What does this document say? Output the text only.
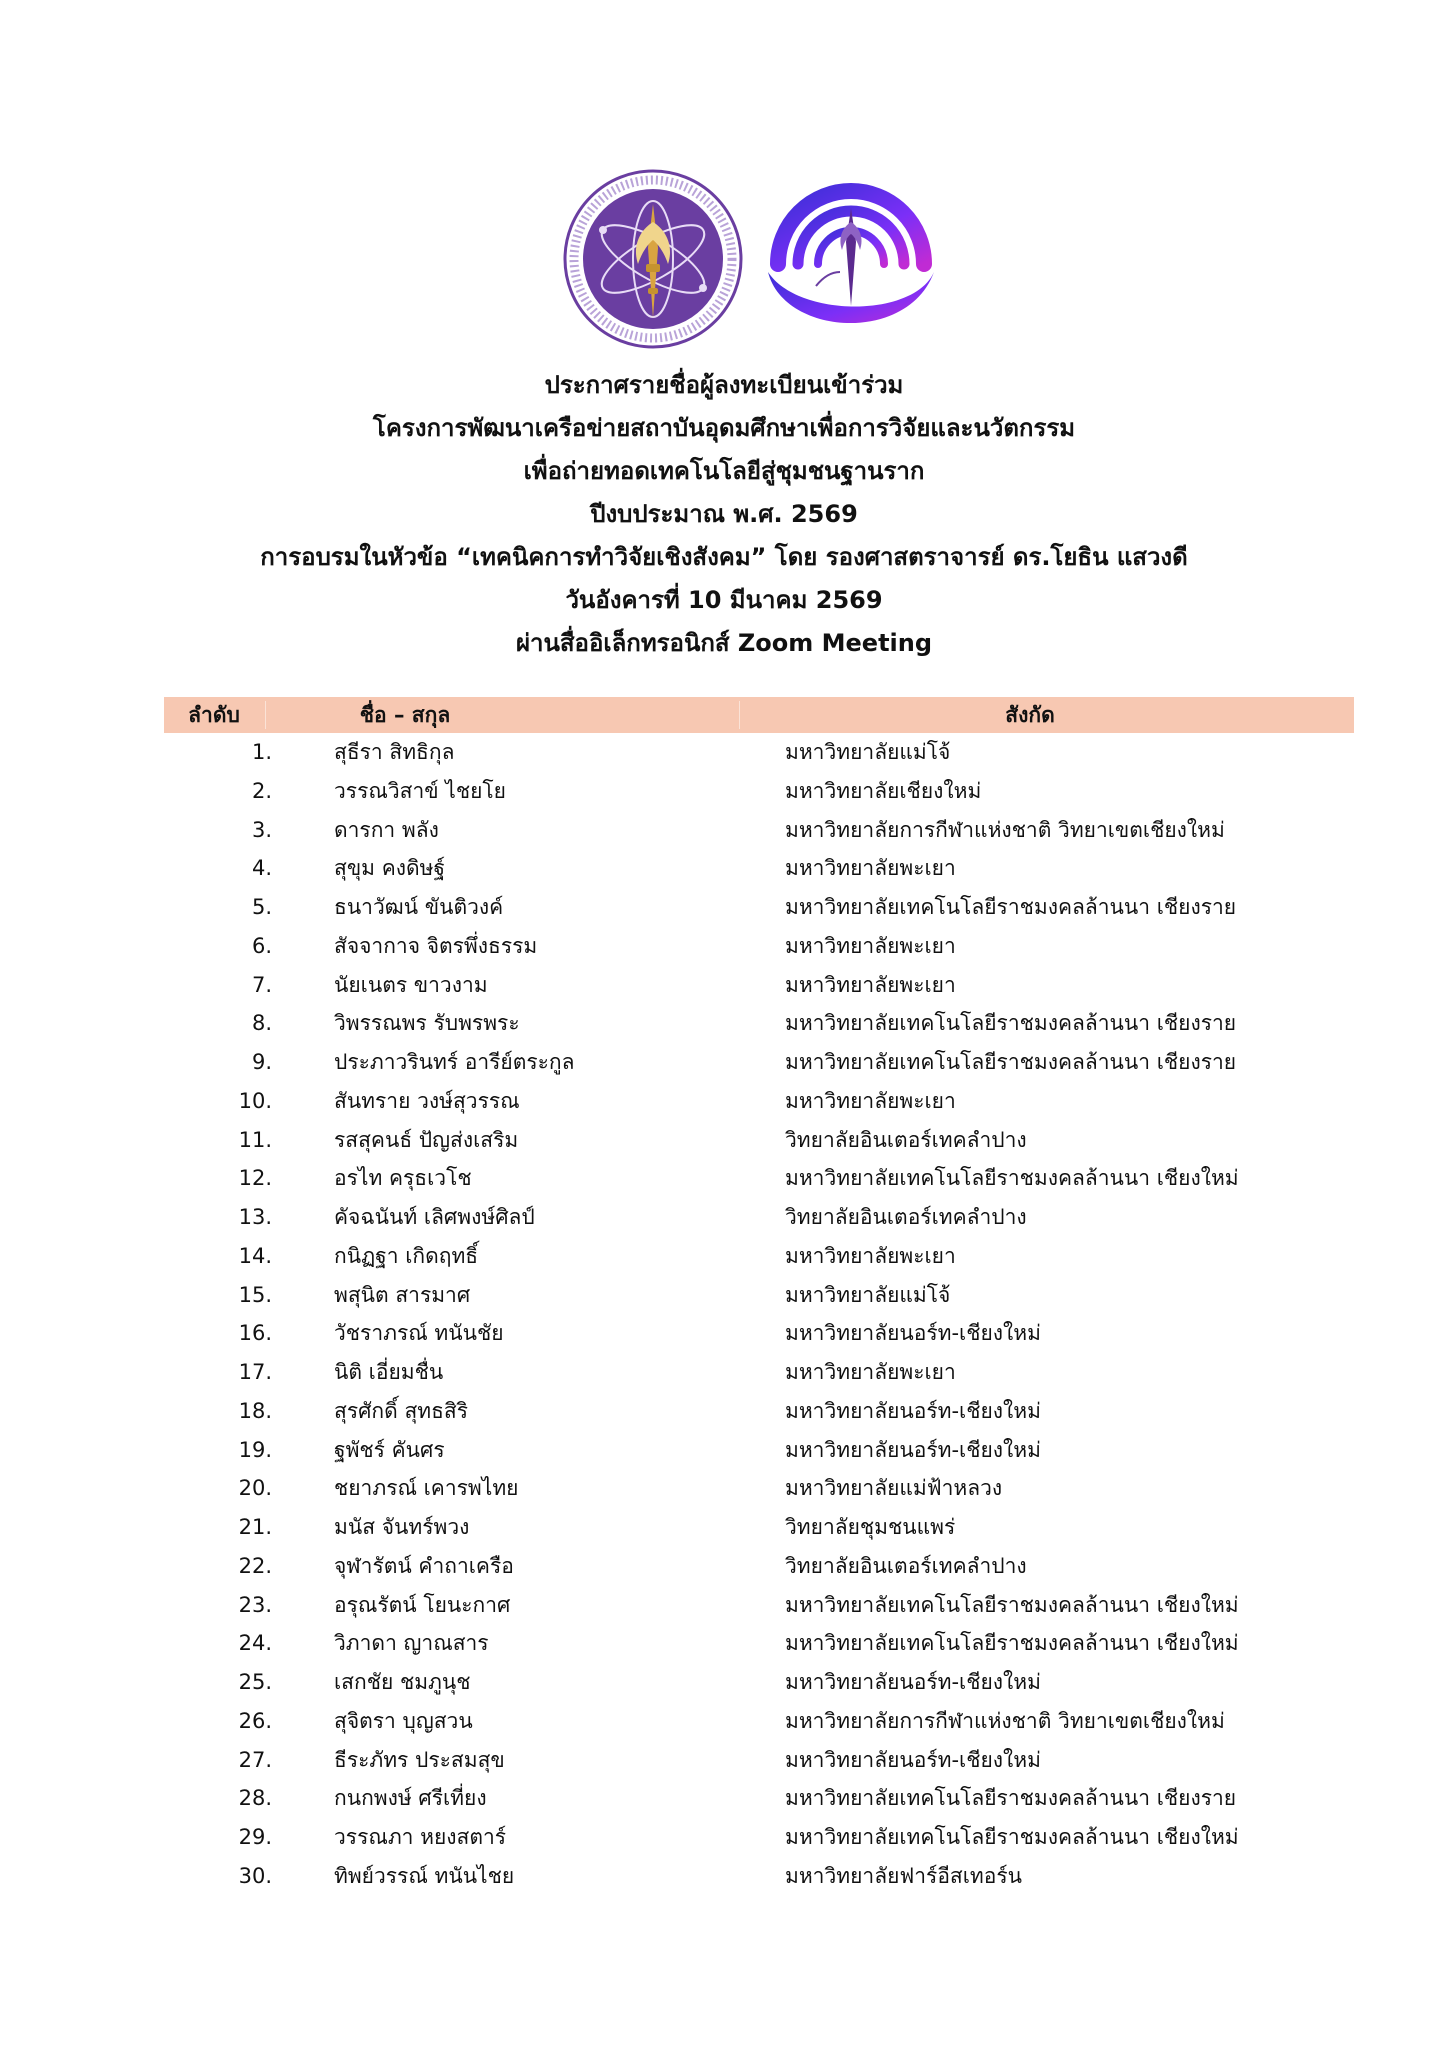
ประกาศรายชื่อผู้ลงทะเบียนเข้าร่วม
โครงการพัฒนาเครือข่ายสถาบันอุดมศึกษาเพื่อการวิจัยและนวัตกรรม
เพื่อถ่ายทอดเทคโนโลยีสู่ชุมชนฐานราก
ปีงบประมาณ พ.ศ. 2569
การอบรมในหัวข้อ “เทคนิคการทำวิจัยเชิงสังคม” โดย รองศาสตราจารย์ ดร.โยธิน แสวงดี
วันอังคารที่ 10 มีนาคม 2569
ผ่านสื่ออิเล็กทรอนิกส์ Zoom Meeting
ลำดับ	ชื่อ – สกุล	สังกัด
1.	สุธีรา สิทธิกุล	มหาวิทยาลัยแม่โจ้
2.	วรรณวิสาข์ ไชยโย	มหาวิทยาลัยเชียงใหม่
3.	ดารกา พลัง	มหาวิทยาลัยการกีฬาแห่งชาติ วิทยาเขตเชียงใหม่
4.	สุขุม คงดิษฐ์	มหาวิทยาลัยพะเยา
5.	ธนาวัฒน์ ขันติวงค์	มหาวิทยาลัยเทคโนโลยีราชมงคลล้านนา เชียงราย
6.	สัจจากาจ จิตรพึ่งธรรม	มหาวิทยาลัยพะเยา
7.	นัยเนตร ขาวงาม	มหาวิทยาลัยพะเยา
8.	วิพรรณพร รับพรพระ	มหาวิทยาลัยเทคโนโลยีราชมงคลล้านนา เชียงราย
9.	ประภาวรินทร์ อารีย์ตระกูล	มหาวิทยาลัยเทคโนโลยีราชมงคลล้านนา เชียงราย
10.	สันทราย วงษ์สุวรรณ	มหาวิทยาลัยพะเยา
11.	รสสุคนธ์ ปัญส่งเสริม	วิทยาลัยอินเตอร์เทคลำปาง
12.	อรไท ครุธเวโช	มหาวิทยาลัยเทคโนโลยีราชมงคลล้านนา เชียงใหม่
13.	คัจฉนันท์ เลิศพงษ์ศิลป์	วิทยาลัยอินเตอร์เทคลำปาง
14.	กนิฏฐา เกิดฤทธิ์	มหาวิทยาลัยพะเยา
15.	พสุนิต สารมาศ	มหาวิทยาลัยแม่โจ้
16.	วัชราภรณ์ ทนันชัย	มหาวิทยาลัยนอร์ท-เชียงใหม่
17.	นิติ เอี่ยมชื่น	มหาวิทยาลัยพะเยา
18.	สุรศักดิ์ สุทธสิริ	มหาวิทยาลัยนอร์ท-เชียงใหม่
19.	ฐพัชร์ คันศร	มหาวิทยาลัยนอร์ท-เชียงใหม่
20.	ชยาภรณ์ เคารพไทย	มหาวิทยาลัยแม่ฟ้าหลวง
21.	มนัส จันทร์พวง	วิทยาลัยชุมชนแพร่
22.	จุฬารัตน์ คำถาเครือ	วิทยาลัยอินเตอร์เทคลำปาง
23.	อรุณรัตน์ โยนะกาศ	มหาวิทยาลัยเทคโนโลยีราชมงคลล้านนา เชียงใหม่
24.	วิภาดา ญาณสาร	มหาวิทยาลัยเทคโนโลยีราชมงคลล้านนา เชียงใหม่
25.	เสกชัย ชมภูนุช	มหาวิทยาลัยนอร์ท-เชียงใหม่
26.	สุจิตรา บุญสวน	มหาวิทยาลัยการกีฬาแห่งชาติ วิทยาเขตเชียงใหม่
27.	ธีระภัทร ประสมสุข	มหาวิทยาลัยนอร์ท-เชียงใหม่
28.	กนกพงษ์ ศรีเที่ยง	มหาวิทยาลัยเทคโนโลยีราชมงคลล้านนา เชียงราย
29.	วรรณภา หยงสตาร์	มหาวิทยาลัยเทคโนโลยีราชมงคลล้านนา เชียงใหม่
30.	ทิพย์วรรณ์ ทนันไชย	มหาวิทยาลัยฟาร์อีสเทอร์น
